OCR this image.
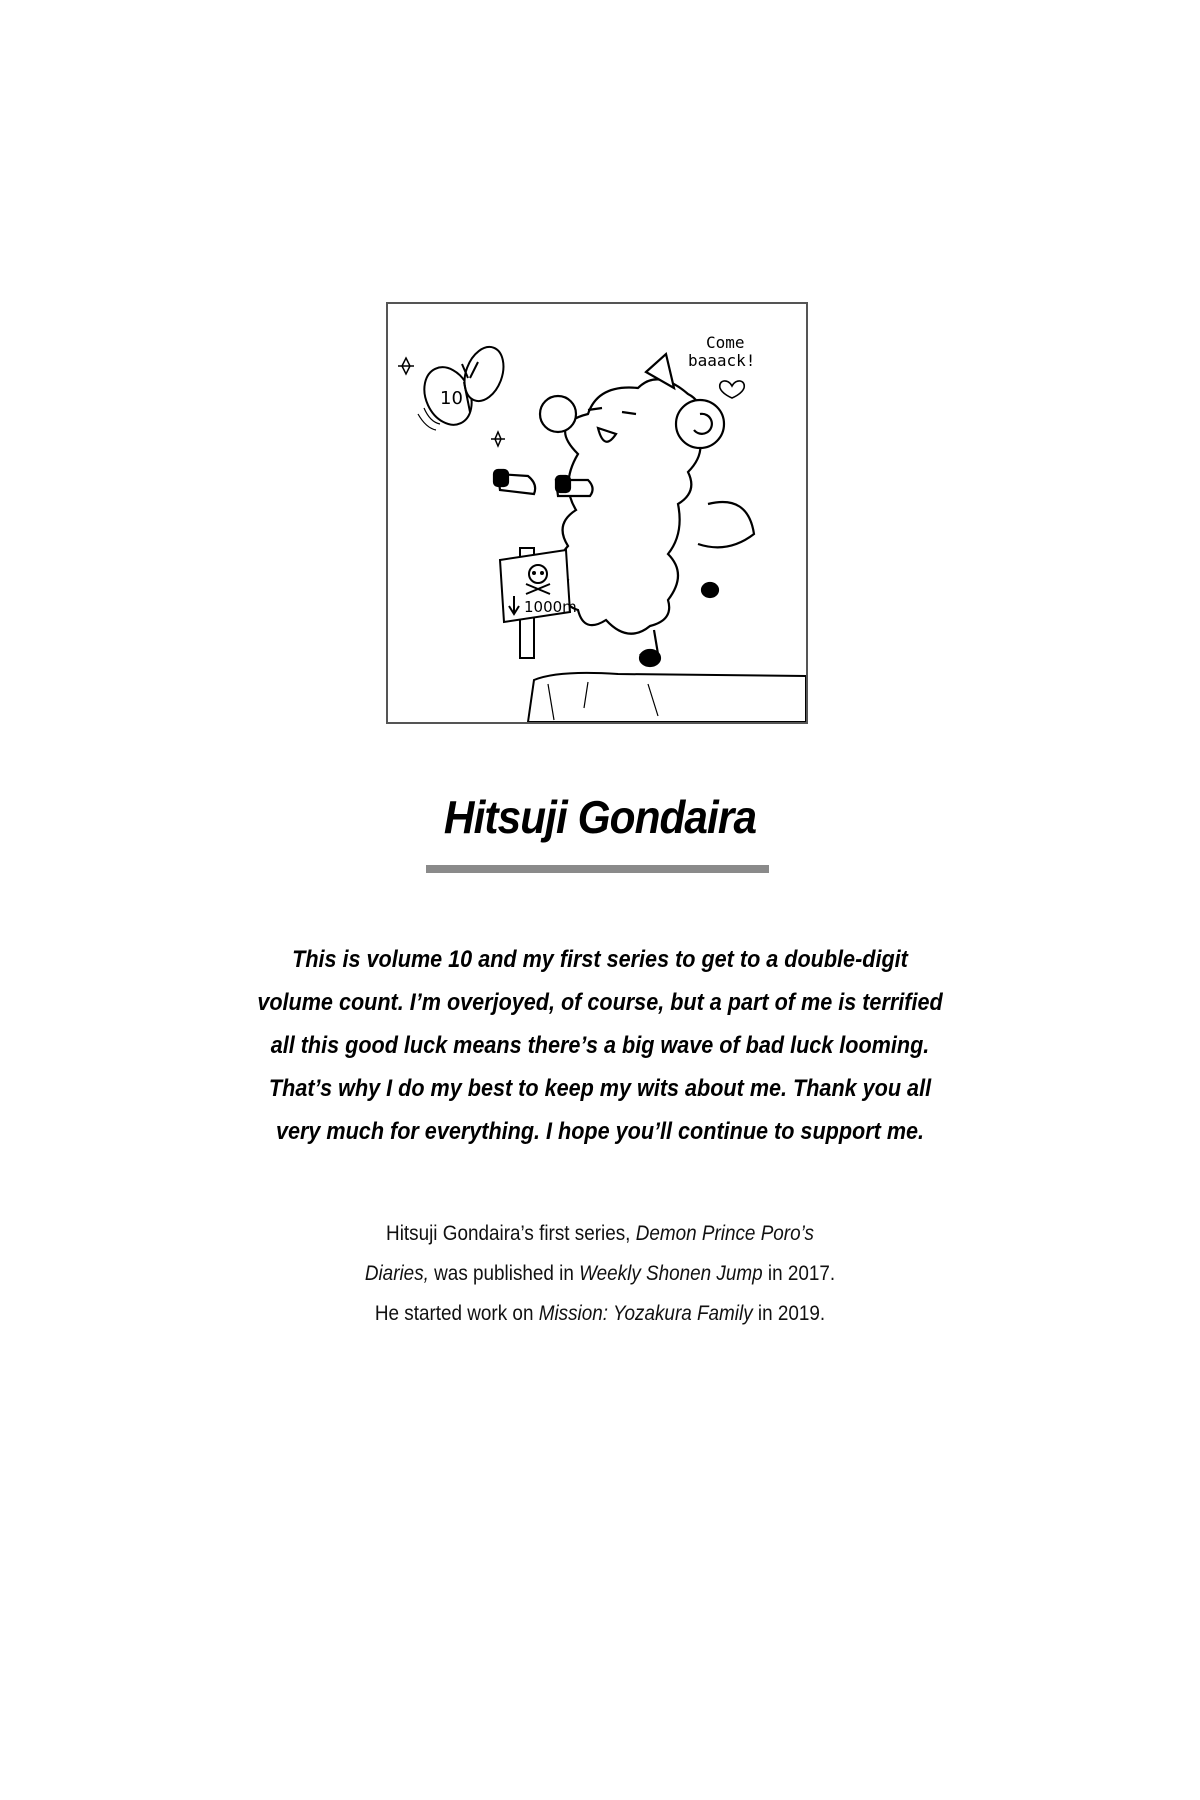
10
Come
baaack!
1000m
Hitsuji Gondaira
This is volume 10 and my first series to get to a double-digit
volume count. I’m overjoyed, of course, but a part of me is terrified
all this good luck means there’s a big wave of bad luck looming.
That’s why I do my best to keep my wits about me. Thank you all
very much for everything. I hope you’ll continue to support me.
Hitsuji Gondaira’s first series, Demon Prince Poro’s
Diaries, was published in Weekly Shonen Jump in 2017.
He started work on Mission: Yozakura Family in 2019.
